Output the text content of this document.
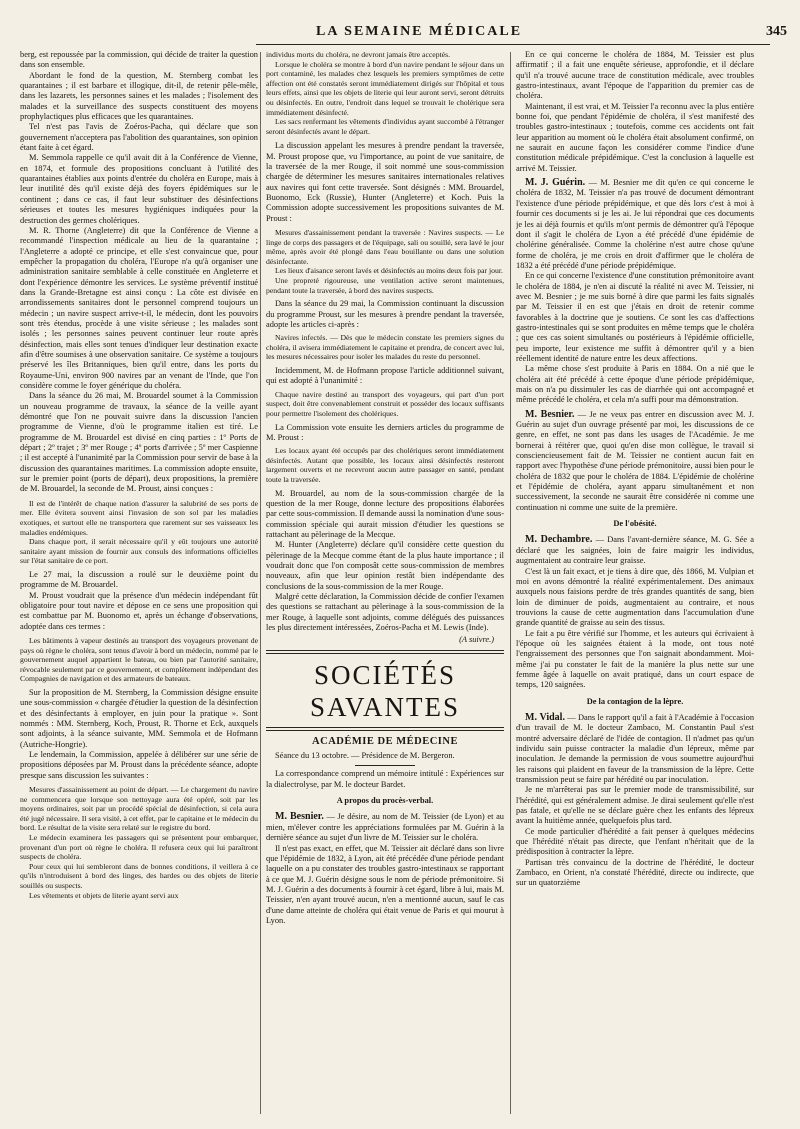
LA SEMAINE MÉDICALE	345

berg, est repoussée par la commission, qui décide de traiter la question dans son ensemble.

Abordant le fond de la question, M. Sternberg combat les quarantaines ; il est barbare et illogique, dit-il, de retenir pêle-mêle, dans les lazarets, les personnes saines et les malades ; l'isolement des malades et la surveillance des suspects constituent des moyens prophylactiques plus efficaces que les quarantaines.

Tel n'est pas l'avis de Zoéros-Pacha, qui déclare que son gouvernement n'acceptera pas l'abolition des quarantaines, son opinion étant faite à cet égard.

M. Semmola rappelle ce qu'il avait dit à la Conférence de Vienne, en 1874, et formule des propositions concluant à l'utilité des quarantaines établies aux points d'entrée du choléra en Europe, mais à leur inutilité dès qu'il existe déjà des foyers épidémiques sur le continent ; dans ce cas, il faut leur substituer des désinfections sérieuses et toutes les mesures hygiéniques indiquées pour la destruction des germes cholériques.

M. R. Thorne (Angleterre) dit que la Conférence de Vienne a recommandé l'inspection médicale au lieu de la quarantaine ; l'Angleterre a adopté ce principe, et elle s'est convaincue que, pour empêcher la propagation du choléra, l'Europe n'a qu'à organiser une administration sanitaire semblable à celle constituée en Angleterre et dont l'expérience démontre les services. Le système préventif institué dans la Grande-Bretagne est ainsi conçu : La côte est divisée en arrondissements sanitaires dont le personnel comprend toujours un médecin ; un navire suspect arrive-t-il, le médecin, dont les pouvoirs sont très étendus, procède à une visite sérieuse ; les malades sont isolés ; les personnes saines peuvent continuer leur route après désinfection, mais elles sont tenues d'indiquer leur destination exacte afin d'être soumises à une observation sanitaire. Ce système a toujours préservé les îles Britanniques, bien qu'il entre, dans les ports du Royaume-Uni, environ 900 navires par an venant de l'Inde, que l'on considère comme le foyer générique du choléra.

Dans la séance du 26 mai, M. Brouardel soumet à la Commission un nouveau programme de travaux, la séance de la veille ayant démontré que l'on ne pouvait suivre dans la discussion l'ancien programme de Vienne, d'où le programme italien est tiré. Le programme de M. Brouardel est divisé en cinq parties : 1º Ports de départ ; 2º trajet ; 3º mer Rouge ; 4º ports d'arrivée ; 5º mer Caspienne ; il est accepté à l'unanimité par la Commission pour servir de base à la discussion des quarantaines maritimes. La commission adopte ensuite, sur le premier point (ports de départ), deux propositions, la première de M. Brouardel, la seconde de M. Proust, ainsi conçues :

Il est de l'intérêt de chaque nation d'assurer la salubrité de ses ports de mer. Elle évitera souvent ainsi l'invasion de son sol par les maladies exotiques, et surtout elle ne transportera que rarement sur ses vaisseaux les maladies endémiques.

Dans chaque port, il serait nécessaire qu'il y eût toujours une autorité sanitaire ayant mission de fournir aux consuls des informations officielles sur l'état sanitaire de ce port.

Le 27 mai, la discussion a roulé sur le deuxième point du programme de M. Brouardel.

M. Proust voudrait que la présence d'un médecin indépendant fût obligatoire pour tout navire et dépose en ce sens une proposition qui est combattue par M. Buonomo et, après un échange d'observations, adoptée dans ces termes :

Les bâtiments à vapeur destinés au transport des voyageurs provenant de pays où règne le choléra, sont tenus d'avoir à bord un médecin, nommé par le gouvernement auquel appartient le bateau, ou bien par l'autorité sanitaire, révocable seulement par ce gouvernement, et complètement indépendant des Compagnies de navigation et des armateurs de bateaux.

Sur la proposition de M. Sternberg, la Commission désigne ensuite une sous-commission « chargée d'étudier la question de la désinfection et des désinfectants à employer, en juin pour la pratique ». Sont nommés : MM. Sternberg, Koch, Proust, R. Thorne et Eck, auxquels sont adjoints, à la séance suivante, MM. Semmola et de Hofmann (Autriche-Hongrie).

Le lendemain, la Commission, appelée à délibérer sur une série de propositions déposées par M. Proust dans la précédente séance, adopte presque sans discussion les suivantes :

Mesures d'assainissement au point de départ. — Le chargement du navire ne commencera que lorsque son nettoyage aura été opéré, soit par les moyens ordinaires, soit par un procédé spécial de désinfection, si cela aura été jugé nécessaire. Il sera visité, à cet effet, par le capitaine et le médecin du bord. Le résultat de la visite sera relaté sur le registre du bord.

Le médecin examinera les passagers qui se présentent pour embarquer, provenant d'un port où règne le choléra. Il refusera ceux qui lui paraîtront suspects de choléra.

Pour ceux qui lui sembleront dans de bonnes conditions, il veillera à ce qu'ils n'introduisent à bord des linges, des hardes ou des objets de literie souillés ou suspects.

Les vêtements et objets de literie ayant servi aux

individus morts du choléra, ne devront jamais être acceptés.

Lorsque le choléra se montre à bord d'un navire pendant le séjour dans un port contaminé, les malades chez lesquels les premiers symptômes de cette affection ont été constatés seront immédiatement dirigés sur l'hôpital et tous leurs effets, ainsi que les objets de literie qui leur auront servi, seront détruits ou désinfectés. En outre, l'endroit dans lequel se trouvait le cholérique sera immédiatement désinfecté.

Les sacs renfermant les vêtements d'individus ayant succombé à l'étranger seront désinfectés avant le départ.

La discussion appelant les mesures à prendre pendant la traversée, M. Proust propose que, vu l'importance, au point de vue sanitaire, de la traversée de la mer Rouge, il soit nommé une sous-commission chargée de déterminer les mesures sanitaires internationales relatives aux navires qui font cette traversée. Sont désignés : MM. Brouardel, Buonomo, Eck (Russie), Hunter (Angleterre) et Koch. Puis la Commission adopte successivement les propositions suivantes de M. Proust :

Mesures d'assainissement pendant la traversée : Navires suspects. — Le linge de corps des passagers et de l'équipage, sali ou souillé, sera lavé le jour même, après avoir été plongé dans l'eau bouillante ou dans une solution désinfectante.

Les lieux d'aisance seront lavés et désinfectés au moins deux fois par jour.

Une propreté rigoureuse, une ventilation active seront maintenues, pendant toute la traversée, à bord des navires suspects.

Dans la séance du 29 mai, la Commission continuant la discussion du programme Proust, sur les mesures à prendre pendant la traversée, adopte les articles ci-après :

Navires infectés. — Dès que le médecin constate les premiers signes du choléra, il avisera immédiatement le capitaine et prendra, de concert avec lui, les mesures nécessaires pour isoler les malades du reste du personnel.

Incidemment, M. de Hofmann propose l'article additionnel suivant, qui est adopté à l'unanimité :

Chaque navire destiné au transport des voyageurs, qui part d'un port suspect, doit être convenablement construit et posséder des locaux suffisants pour permettre l'isolement des cholériques.

La Commission vote ensuite les derniers articles du programme de M. Proust :

Les locaux ayant été occupés par des cholériques seront immédiatement désinfectés. Autant que possible, les locaux ainsi désinfectés resteront largement ouverts et ne recevront aucun autre passager en santé, pendant toute la traversée.

M. Brouardel, au nom de la sous-commission chargée de la question de la mer Rouge, donne lecture des propositions élaborées par cette sous-commission. Il demande aussi la nomination d'une sous-commission spéciale qui aurait mission d'étudier les questions se rattachant au pèlerinage de la Mecque.

M. Hunter (Angleterre) déclare qu'il considère cette question du pèlerinage de la Mecque comme étant de la plus haute importance ; il voudrait donc que l'on composât cette sous-commission de membres nouveaux, afin que leur opinion restât bien indépendante des conclusions de la sous-commission de la mer Rouge.

Malgré cette déclaration, la Commission décide de confier l'examen des questions se rattachant au pèlerinage à la sous-commission de la mer Rouge, à laquelle sont adjoints, comme délégués des puissances les plus directement intéressées, Zoéros-Pacha et M. Lewis (Inde).

(A suivre.)
SOCIÉTÉS SAVANTES
ACADÉMIE DE MÉDECINE

Séance du 13 octobre. — Présidence de M. Bergeron.

La correspondance comprend un mémoire intitulé : Expériences sur la dialectrolyse, par M. le docteur Bardet.

A propos du procès-verbal.

M. Besnier. — Je désire, au nom de M. Teissier (de Lyon) et au mien, m'élever contre les appréciations formulées par M. Guérin à la dernière séance au sujet d'un livre de M. Teissier sur le choléra.

Il n'est pas exact, en effet, que M. Teissier ait déclaré dans son livre que l'épidémie de 1832, à Lyon, ait été précédée d'une période pendant laquelle on a pu constater des troubles gastro-intestinaux se rapportant à ce que M. J. Guérin désigne sous le nom de période prémonitoire. Si M. J. Guérin a des documents à fournir à cet égard, libre à lui, mais M. Teissier, n'en ayant trouvé aucun, n'en a mentionné aucun, sauf le cas d'une dame atteinte de choléra qui était venue de Paris et qui mourut à Lyon.

En ce qui concerne le choléra de 1884, M. Teissier est plus affirmatif ; il a fait une enquête sérieuse, approfondie, et il déclare qu'il n'a trouvé aucune trace de constitution médicale, avec troubles gastro-intestinaux, avant l'époque de l'apparition du premier cas de choléra.

Maintenant, il est vrai, et M. Teissier l'a reconnu avec la plus entière bonne foi, que pendant l'épidémie de choléra, il s'est manifesté des troubles gastro-intestinaux ; toutefois, comme ces accidents ont fait leur apparition au moment où le choléra était absolument confirmé, on ne saurait en aucune façon les considérer comme l'indice d'une constitution médicale prépidémique. C'est la conclusion à laquelle est arrivé M. Teissier.

M. J. Guérin. — M. Besnier me dit qu'en ce qui concerne le choléra de 1832, M. Teissier n'a pas trouvé de document démontrant l'existence d'une période prépidémique, et que dès lors c'est à moi à fournir ces documents si je les ai. Je lui répondrai que ces documents je les ai déjà fournis et qu'ils m'ont permis de démontrer qu'à l'époque dont il s'agit le choléra de Lyon a été précédé d'une épidémie de cholérine généralisée. Comme la cholérine n'est autre chose qu'une forme de choléra, je me crois en droit d'affirmer que le choléra de 1832 a été précédé d'une période prépidémique.

En ce qui concerne l'existence d'une constitution prémonitoire avant le choléra de 1884, je n'en ai discuté la réalité ni avec M. Teissier, ni avec M. Besnier ; je me suis borné à dire que parmi les faits signalés par M. Teissier il en est que j'étais en droit de retenir comme favorables à la doctrine que je soutiens. Ce sont les cas d'affections gastro-intestinales qui se sont produites en même temps que le choléra ; que ces cas soient simultanés ou postérieurs à l'épidémie officielle, peu importe, leur existence me suffit à démontrer qu'il y a bien réellement identité de nature entre les deux affections.

La même chose s'est produite à Paris en 1884. On a nié que le choléra ait été précédé à cette époque d'une période prépidémique, mais on n'a pu dissimuler les cas de diarrhée qui ont accompagné et même précédé le choléra, et cela m'a suffi pour ma démonstration.

M. Besnier. — Je ne veux pas entrer en discussion avec M. J. Guérin au sujet d'un ouvrage présenté par moi, les discussions de ce genre, en effet, ne sont pas dans les usages de l'Académie. Je me bornerai à réitérer que, quoi qu'en dise mon collègue, le travail si consciencieusement fait de M. Teissier ne contient aucun fait en rapport avec l'hypothèse d'une période prémonitoire, aussi bien pour le choléra de 1832 que pour le choléra de 1884. L'épidémie de cholérine et l'épidémie de choléra, ayant apparu simultanément et non successivement, la seconde ne saurait être considérée ni comme une continuation ni comme une suite de la première.

De l'obésité.

M. Dechambre. — Dans l'avant-dernière séance, M. G. Sée a déclaré que les saignées, loin de faire maigrir les individus, augmentaient au contraire leur graisse.

C'est là un fait exact, et je tiens à dire que, dès 1866, M. Vulpian et moi en avons démontré la réalité expérimentalement. Des animaux auxquels nous faisions perdre de très grandes quantités de sang, bien loin de diminuer de poids, augmentaient au contraire, et nous trouvions la cause de cette augmentation dans l'accumulation d'une grande quantité de graisse au sein des tissus.

Le fait a pu être vérifié sur l'homme, et les auteurs qui écrivaient à l'époque où les saignées étaient à la mode, ont tous noté l'engraissement des personnes que l'on saignait abondamment. Moi-même j'ai pu constater le fait de la manière la plus nette sur une femme âgée à laquelle on avait pratiqué, dans un court espace de temps, 120 saignées.

De la contagion de la lèpre.

M. Vidal. — Dans le rapport qu'il a fait à l'Académie à l'occasion d'un travail de M. le docteur Zambaco, M. Constantin Paul s'est montré adversaire déclaré de l'idée de contagion. Il n'admet pas qu'un individu sain puisse contracter la maladie d'un lépreux, même par inoculation. Je demande la permission de vous soumettre aujourd'hui les raisons qui plaident en faveur de la transmission de la lèpre. Cette transmission peut se faire par hérédité ou par inoculation.

Je ne m'arrêterai pas sur le premier mode de transmissibilité, sur l'hérédité, qui est généralement admise. Je dirai seulement qu'elle n'est pas fatale, et qu'elle ne se déclare guère chez les enfants des lépreux avant la huitième année, quelquefois plus tard.

Ce mode particulier d'hérédité a fait penser à quelques médecins que l'hérédité n'était pas directe, que l'enfant n'héritait que de la prédisposition à contracter la lèpre.

Partisan très convaincu de la doctrine de l'hérédité, le docteur Zambaco, en Orient, n'a constaté l'hérédité, directe ou indirecte, que sur un quatorzième
